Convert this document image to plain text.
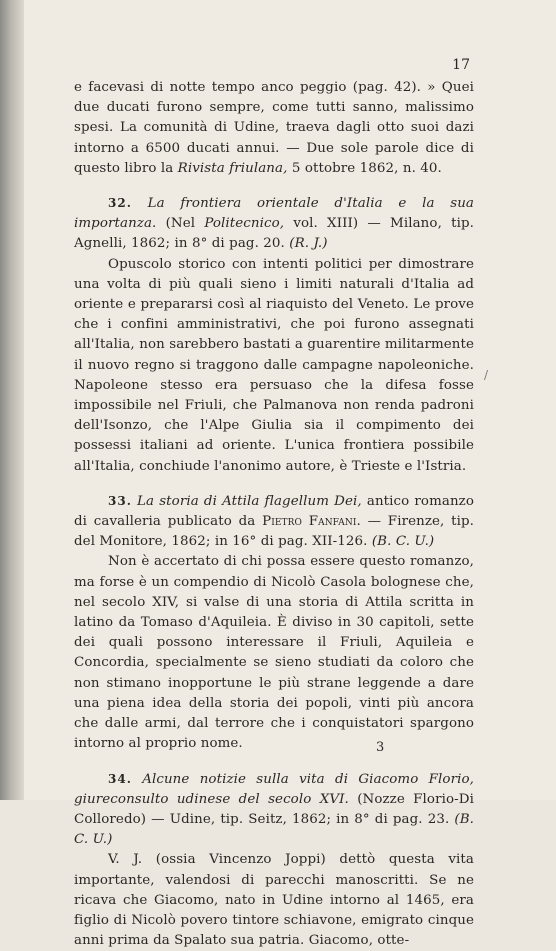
17

e facevasi di notte tempo anco peggio (pag. 42). » Quei due ducati furono sempre, come tutti sanno, malissimo spesi. La comunità di Udine, traeva dagli otto suoi dazi intorno a 6500 ducati annui. — Due sole parole dice di questo libro la Rivista friulana, 5 ottobre 1862, n. 40.

32. La frontiera orientale d'Italia e la sua importanza. (Nel Politecnico, vol. XIII) — Milano, tip. Agnelli, 1862; in 8° di pag. 20. (R. J.)

Opuscolo storico con intenti politici per dimostrare una volta di più quali sieno i limiti naturali d'Italia ad oriente e prepararsi così al riaquisto del Veneto. Le prove che i confini amministrativi, che poi furono assegnati all'Italia, non sarebbero bastati a guarentire militarmente il nuovo regno si traggono dalle campagne napoleoniche. Napoleone stesso era persuaso che la difesa fosse impossibile nel Friuli, che Palmanova non renda padroni dell'Isonzo, che l'Alpe Giulia sia il compimento dei possessi italiani ad oriente. L'unica frontiera possibile all'Italia, conchiude l'anonimo autore, è Trieste e l'Istria.

33. La storia di Attila flagellum Dei, antico romanzo di cavalleria publicato da Pietro Fanfani. — Firenze, tip. del Monitore, 1862; in 16° di pag. XII-126. (B. C. U.)

Non è accertato di chi possa essere questo romanzo, ma forse è un compendio di Nicolò Casola bolognese che, nel secolo XIV, si valse di una storia di Attila scritta in latino da Tomaso d'Aquileia. È diviso in 30 capitoli, sette dei quali possono interessare il Friuli, Aquileia e Concordia, specialmente se sieno studiati da coloro che non stimano inopportune le più strane leggende a dare una piena idea della storia dei popoli, vinti più ancora che dalle armi, dal terrore che i conquistatori spargono intorno al proprio nome.

34. Alcune notizie sulla vita di Giacomo Florio, giureconsulto udinese del secolo XVI. (Nozze Florio-Di Colloredo) — Udine, tip. Seitz, 1862; in 8° di pag. 23. (B. C. U.)

V. J. (ossia Vincenzo Joppi) dettò questa vita importante, valendosi di parecchi manoscritti. Se ne ricava che Giacomo, nato in Udine intorno al 1465, era figlio di Nicolò povero tintore schiavone, emigrato cinque anni prima da Spalato sua patria. Giacomo, otte-

/
3
